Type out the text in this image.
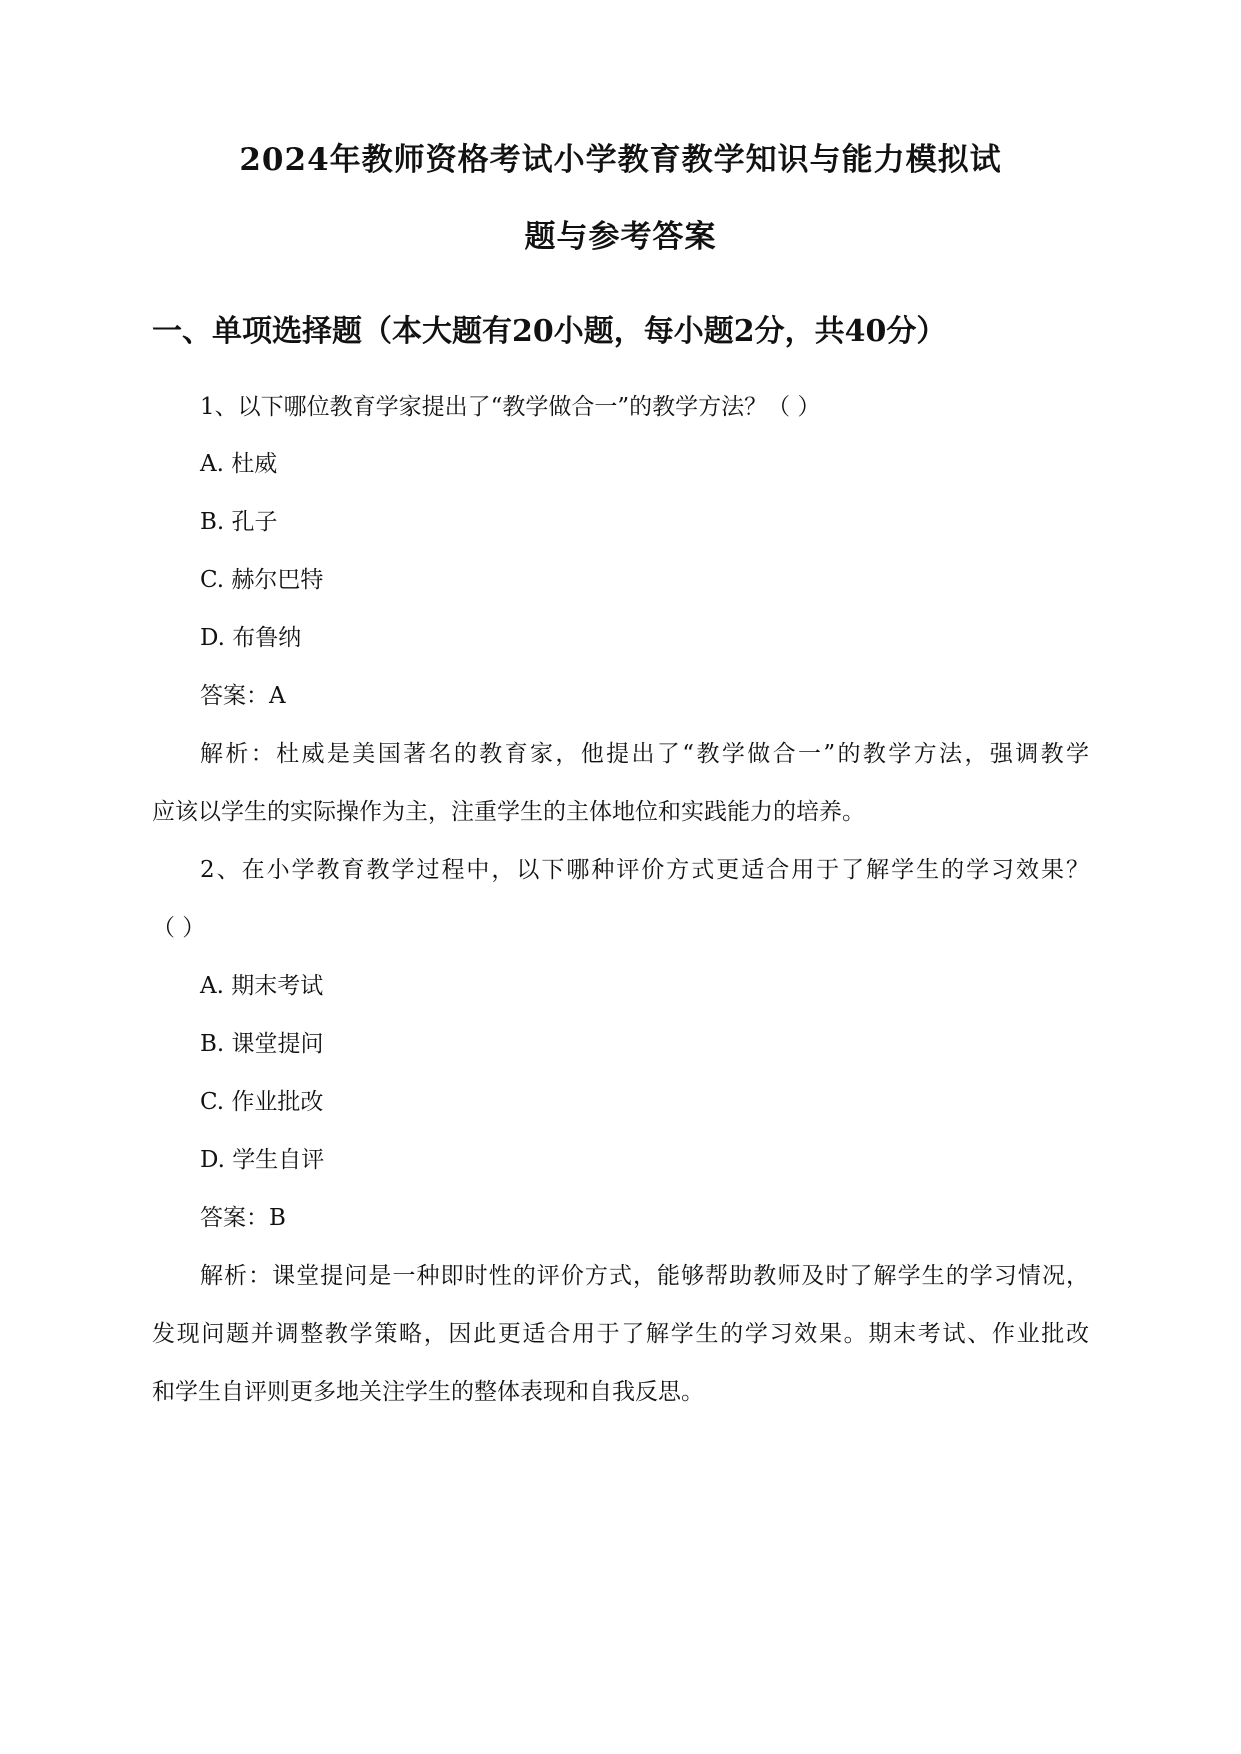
2024年教师资格考试小学教育教学知识与能力模拟试
题与参考答案
一、单项选择题（本大题有20小题，每小题2分，共40分）
1、以下哪位教育学家提出了“教学做合一”的教学方法？（ ）
A. 杜威
B. 孔子
C. 赫尔巴特
D. 布鲁纳
答案：A
解析：杜威是美国著名的教育家，他提出了“教学做合一”的教学方法，强调教学
应该以学生的实际操作为主，注重学生的主体地位和实践能力的培养。
2、在小学教育教学过程中，以下哪种评价方式更适合用于了解学生的学习效果？
（ ）
A. 期末考试
B. 课堂提问
C. 作业批改
D. 学生自评
答案：B
解析：课堂提问是一种即时性的评价方式，能够帮助教师及时了解学生的学习情况，
发现问题并调整教学策略，因此更适合用于了解学生的学习效果。期末考试、作业批改
和学生自评则更多地关注学生的整体表现和自我反思。
